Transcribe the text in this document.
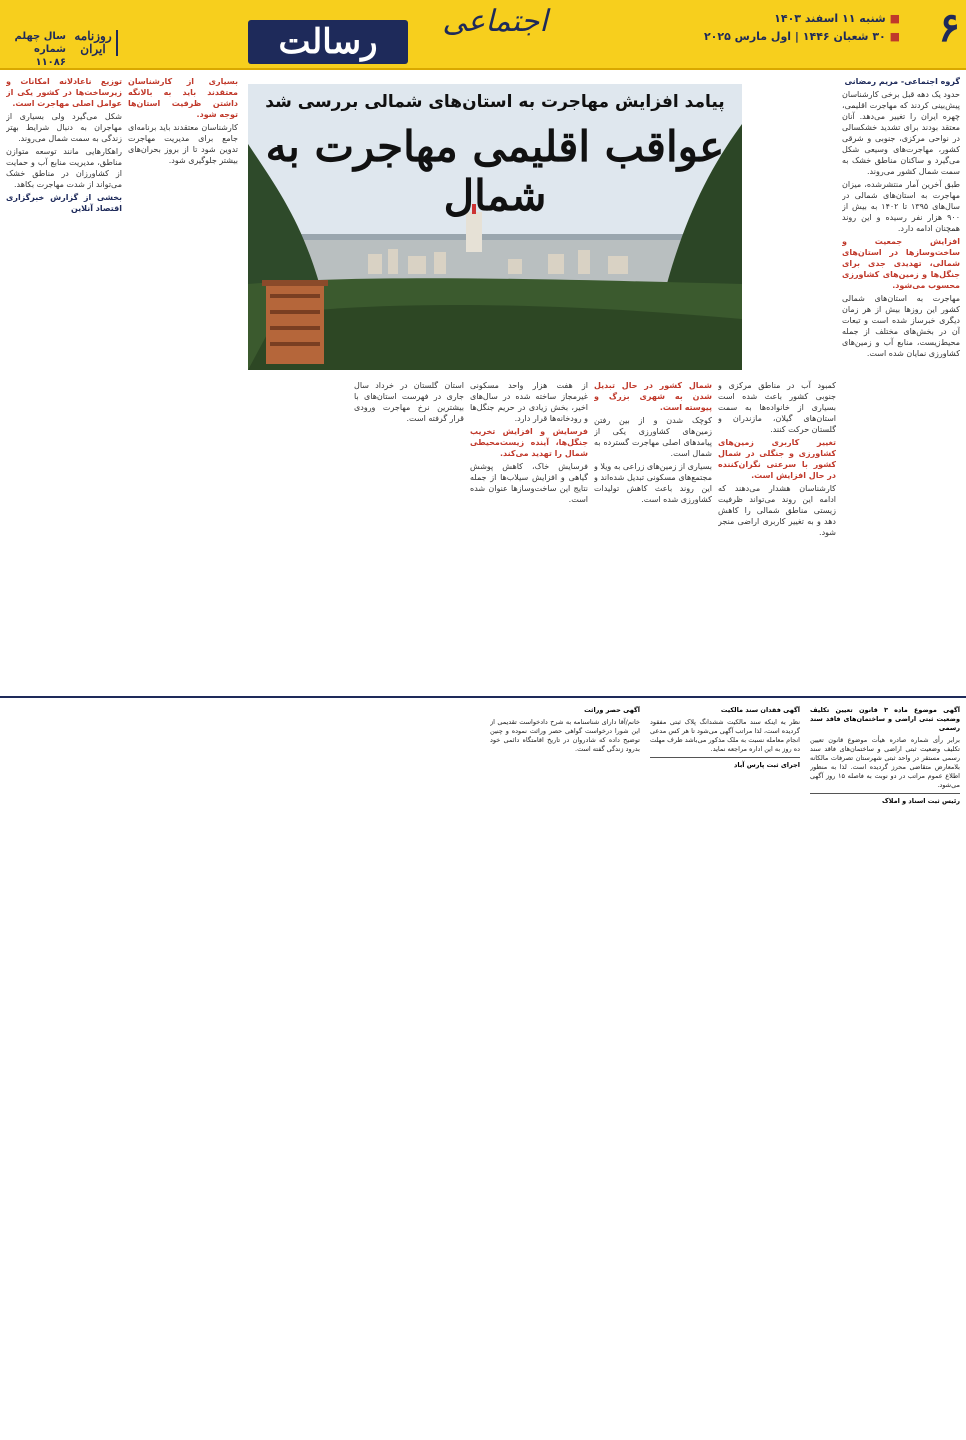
۶
■ شنبه ۱۱ اسفند ۱۴۰۳
■ ۳۰ شعبان ۱۴۴۶ | اول مارس ۲۰۲۵
اجتماعی
رسالت
روزنامه ایران
سال چهلم
شماره ۱۱۰۸۶
پیامد افزایش مهاجرت به استان‌های شمالی بررسی شد
عواقب اقلیمی مهاجرت به شمال

گروه اجتماعی- مریم رمضانی

حدود یک دهه قبل برخی کارشناسان پیش‌بینی کردند که مهاجرت اقلیمی، چهره ایران را تغییر می‌دهد. آنان معتقد بودند برای تشدید خشکسالی در نواحی مرکزی، جنوبی و شرقی کشور، مهاجرت‌های وسیعی شکل می‌گیرد و ساکنان مناطق خشک به سمت شمال کشور می‌روند.

طبق آخرین آمار منتشرشده، میزان مهاجرت به استان‌های شمالی در سال‌های ۱۳۹۵ تا ۱۴۰۲ به بیش از ۹۰۰ هزار نفر رسیده و این روند همچنان ادامه دارد.

افزایش جمعیت و ساخت‌وسازها در استان‌های شمالی، تهدیدی جدی برای جنگل‌ها و زمین‌های کشاورزی محسوب می‌شود.

مهاجرت به استان‌های شمالی کشور این روزها بیش از هر زمان دیگری خبرساز شده است و تبعات آن در بخش‌های مختلف از جمله محیط‌زیست، منابع آب و زمین‌های کشاورزی نمایان شده است.

کمبود آب در مناطق مرکزی و جنوبی کشور باعث شده است بسیاری از خانواده‌ها به سمت استان‌های گیلان، مازندران و گلستان حرکت کنند.

تغییر کاربری زمین‌های کشاورزی و جنگلی در شمال کشور با سرعتی نگران‌کننده در حال افزایش است.

کارشناسان هشدار می‌دهند که ادامه این روند می‌تواند ظرفیت زیستی مناطق شمالی را کاهش دهد و به تغییر کاربری اراضی منجر شود.

شمال کشور در حال تبدیل شدن به شهری بزرگ و پیوسته است.

کوچک شدن و از بین رفتن زمین‌های کشاورزی یکی از پیامدهای اصلی مهاجرت گسترده به شمال است.

بسیاری از زمین‌های زراعی به ویلا و مجتمع‌های مسکونی تبدیل شده‌اند و این روند باعث کاهش تولیدات کشاورزی شده است.

از هفت هزار واحد مسکونی غیرمجاز ساخته شده در سال‌های اخیر، بخش زیادی در حریم جنگل‌ها و رودخانه‌ها قرار دارد.

فرسایش و افزایش تخریب جنگل‌ها، آینده زیست‌محیطی شمال را تهدید می‌کند.

فرسایش خاک، کاهش پوشش گیاهی و افزایش سیلاب‌ها از جمله نتایج این ساخت‌وسازها عنوان شده است.

استان گلستان در خرداد سال جاری در فهرست استان‌های با بیشترین نرخ مهاجرت ورودی قرار گرفته است.

بسیاری از کارشناسان معتقدند باید به بالانگه داشتن ظرفیت استان‌ها توجه شود.

کارشناسان معتقدند باید برنامه‌ای جامع برای مدیریت مهاجرت تدوین شود تا از بروز بحران‌های بیشتر جلوگیری شود.

توزیع ناعادلانه امکانات و زیرساخت‌ها در کشور یکی از عوامل اصلی مهاجرت است.

شکل می‌گیرد ولی بسیاری از مهاجران به دنبال شرایط بهتر زندگی به سمت شمال می‌روند.

راهکارهایی مانند توسعه متوازن مناطق، مدیریت منابع آب و حمایت از کشاورزان در مناطق خشک می‌تواند از شدت مهاجرت بکاهد.

بخشی از گزارش خبرگزاری اقتصاد آنلاین

آگهی موضوع ماده ۳ قانون تعیین تکلیف وضعیت ثبتی اراضی و ساختمان‌های فاقد سند رسمی

برابر رأی شماره صادره هیأت موضوع قانون تعیین تکلیف وضعیت ثبتی اراضی و ساختمان‌های فاقد سند رسمی مستقر در واحد ثبتی شهرستان تصرفات مالکانه بلامعارض متقاضی محرز گردیده است. لذا به منظور اطلاع عموم مراتب در دو نوبت به فاصله ۱۵ روز آگهی می‌شود.

رئیس ثبت اسناد و املاک

آگهی فقدان سند مالکیت

نظر به اینکه سند مالکیت ششدانگ پلاک ثبتی مفقود گردیده است، لذا مراتب آگهی می‌شود تا هر کس مدعی انجام معامله نسبت به ملک مذکور می‌باشد ظرف مهلت ده روز به این اداره مراجعه نماید.

اجرای ثبت پارس آباد

آگهی حصر وراثت

خانم/آقا دارای شناسنامه به شرح دادخواست تقدیمی از این شورا درخواست گواهی حصر وراثت نموده و چنین توضیح داده که شادروان در تاریخ اقامتگاه دائمی خود بدرود زندگی گفته است.
